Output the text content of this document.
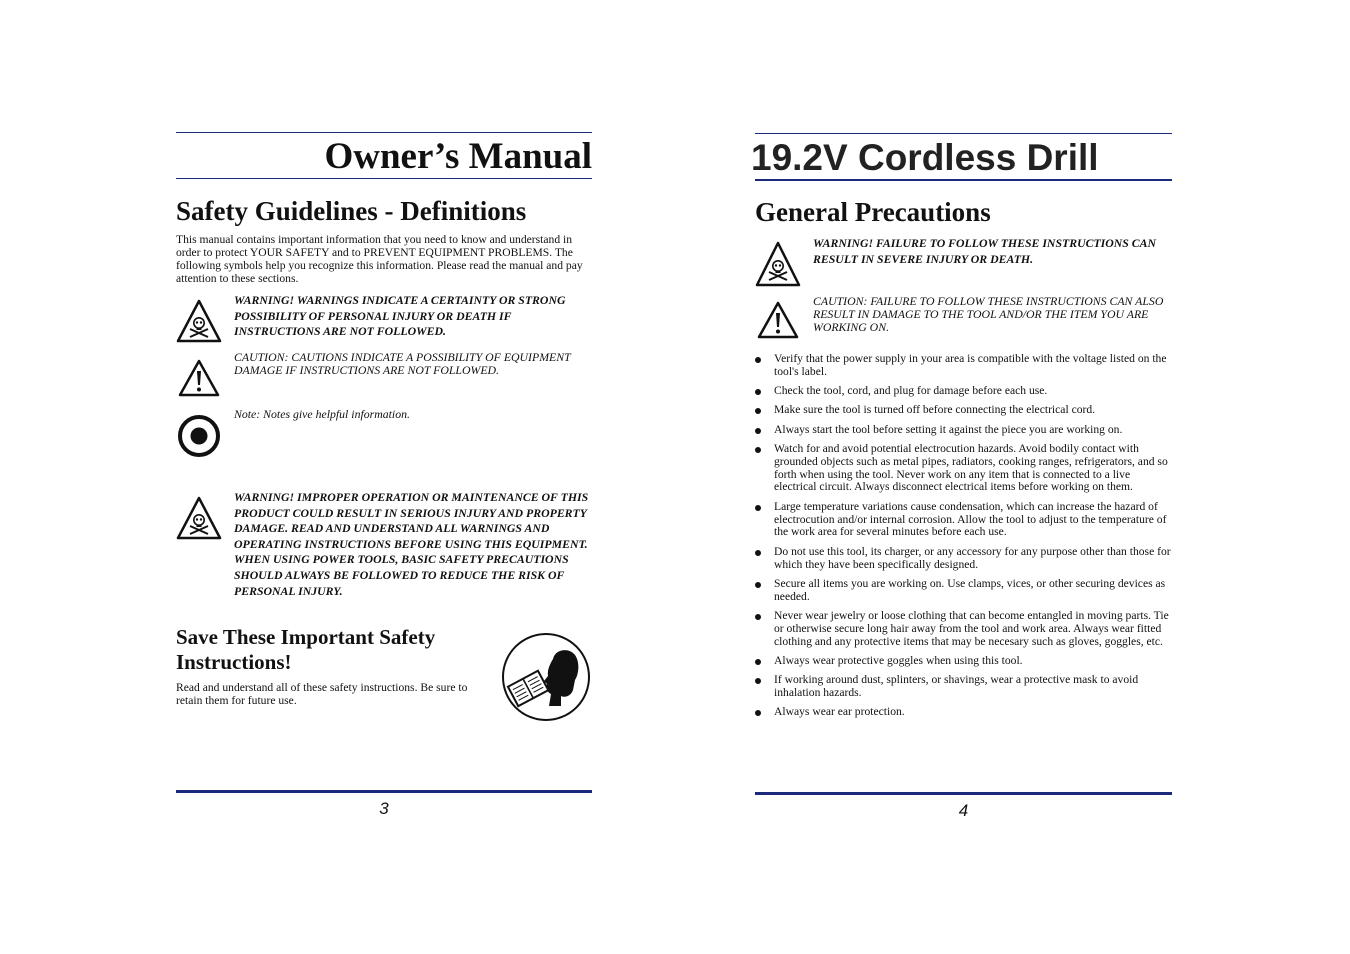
Owner’s Manual
Safety Guidelines - Definitions
This manual contains important information that you need to know and understand in order to protect YOUR SAFETY and to PREVENT EQUIPMENT PROBLEMS. The following symbols help you recognize this information. Please read the manual and pay attention to these sections.
WARNING! WARNINGS INDICATE A CERTAINTY OR STRONG POSSIBILITY OF PERSONAL INJURY OR DEATH IF INSTRUCTIONS ARE NOT FOLLOWED.
CAUTION: CAUTIONS INDICATE A POSSIBILITY OF EQUIPMENT DAMAGE IF INSTRUCTIONS ARE NOT FOLLOWED.
Note: Notes give helpful information.
WARNING! IMPROPER OPERATION OR MAINTENANCE OF THIS PRODUCT COULD RESULT IN SERIOUS INJURY AND PROPERTY DAMAGE. READ AND UNDERSTAND ALL WARNINGS AND OPERATING INSTRUCTIONS BEFORE USING THIS EQUIPMENT. WHEN USING POWER TOOLS, BASIC SAFETY PRECAUTIONS SHOULD ALWAYS BE FOLLOWED TO REDUCE THE RISK OF PERSONAL INJURY.
Save These Important Safety Instructions!
Read and understand all of these safety instructions. Be sure to retain them for future use.
3
19.2V Cordless Drill
General Precautions
WARNING! FAILURE TO FOLLOW THESE INSTRUCTIONS CAN RESULT IN SEVERE INJURY OR DEATH.
CAUTION: FAILURE TO FOLLOW THESE INSTRUCTIONS CAN ALSO RESULT IN DAMAGE TO THE TOOL AND/OR THE ITEM YOU ARE WORKING ON.
Verify that the power supply in your area is compatible with the voltage listed on the tool's label.
Check the tool, cord, and plug for damage before each use.
Make sure the tool is turned off before connecting the electrical cord.
Always start the tool before setting it against the piece you are working on.
Watch for and avoid potential electrocution hazards. Avoid bodily contact with grounded objects such as metal pipes, radiators, cooking ranges, refrigerators, and so forth when using the tool. Never work on any item that is connected to a live electrical circuit. Always disconnect electrical items before working on them.
Large temperature variations cause condensation, which can increase the hazard of electrocution and/or internal corrosion. Allow the tool to adjust to the temperature of the work area for several minutes before each use.
Do not use this tool, its charger, or any accessory for any purpose other than those for which they have been specifically designed.
Secure all items you are working on. Use clamps, vices, or other securing devices as needed.
Never wear jewelry or loose clothing that can become entangled in moving parts. Tie or otherwise secure long hair away from the tool and work area. Always wear fitted clothing and any protective items that may be necesary such as gloves, goggles, etc.
Always wear protective goggles when using this tool.
If working around dust, splinters, or shavings, wear a protective mask to avoid inhalation hazards.
Always wear ear protection.
4
